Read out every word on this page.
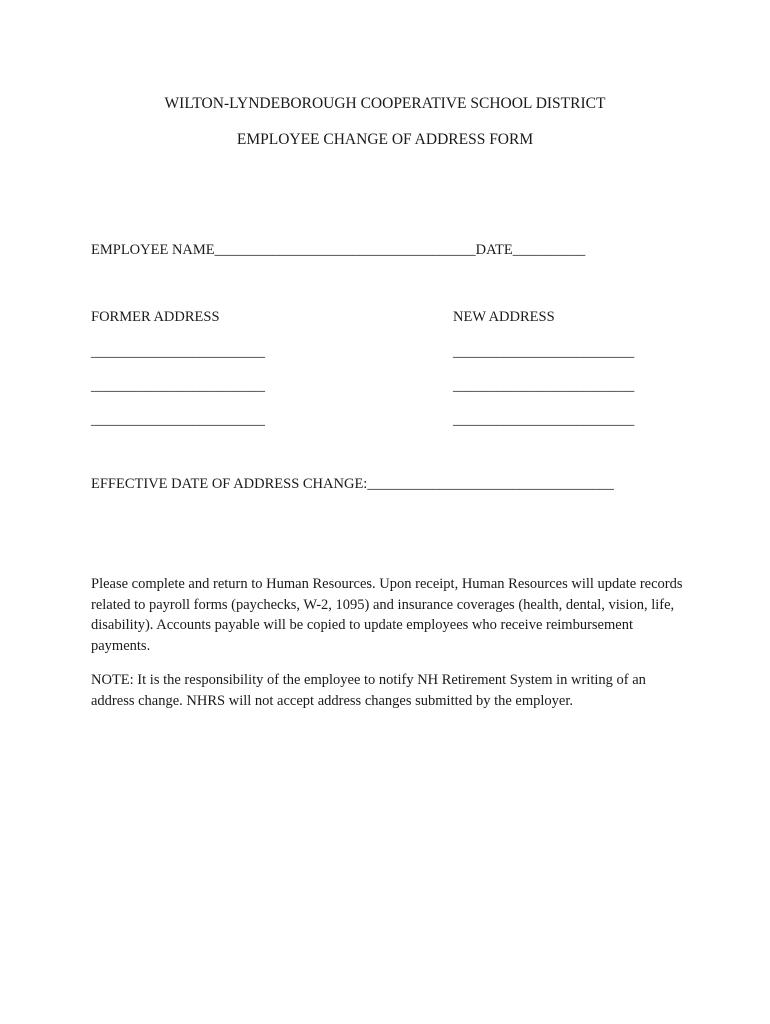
WILTON-LYNDEBOROUGH COOPERATIVE SCHOOL DISTRICT
EMPLOYEE CHANGE OF ADDRESS FORM
EMPLOYEE NAME____________________________________DATE__________
FORMER ADDRESS	NEW ADDRESS
________________________
________________________
________________________
_________________________
_________________________
_________________________
EFFECTIVE DATE OF ADDRESS CHANGE:__________________________________
Please complete and return to Human Resources. Upon receipt, Human Resources will update records related to payroll forms (paychecks, W-2, 1095) and insurance coverages (health, dental, vision, life, disability). Accounts payable will be copied to update employees who receive reimbursement payments.
NOTE: It is the responsibility of the employee to notify NH Retirement System in writing of an address change. NHRS will not accept address changes submitted by the employer.
